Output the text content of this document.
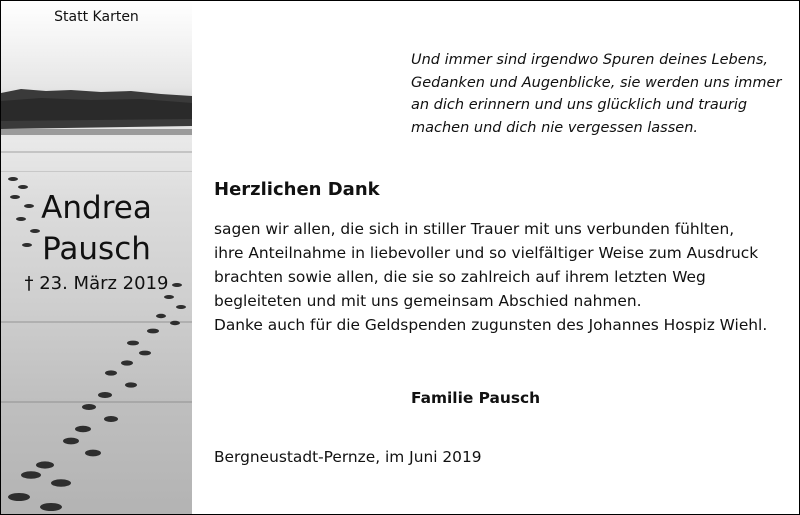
Statt Karten
Andrea
Pausch
† 23. März 2019
Und immer sind irgendwo Spuren deines Lebens,
Gedanken und Augenblicke, sie werden uns immer
an dich erinnern und uns glücklich und traurig
machen und dich nie vergessen lassen.
Herzlichen Dank
sagen wir allen, die sich in stiller Trauer mit uns verbunden fühlten,
ihre Anteilnahme in liebevoller und so vielfältiger Weise zum Ausdruck
brachten sowie allen, die sie so zahlreich auf ihrem letzten Weg
begleiteten und mit uns gemeinsam Abschied nahmen.
Danke auch für die Geldspenden zugunsten des Johannes Hospiz Wiehl.
Familie Pausch
Bergneustadt-Pernze, im Juni 2019
